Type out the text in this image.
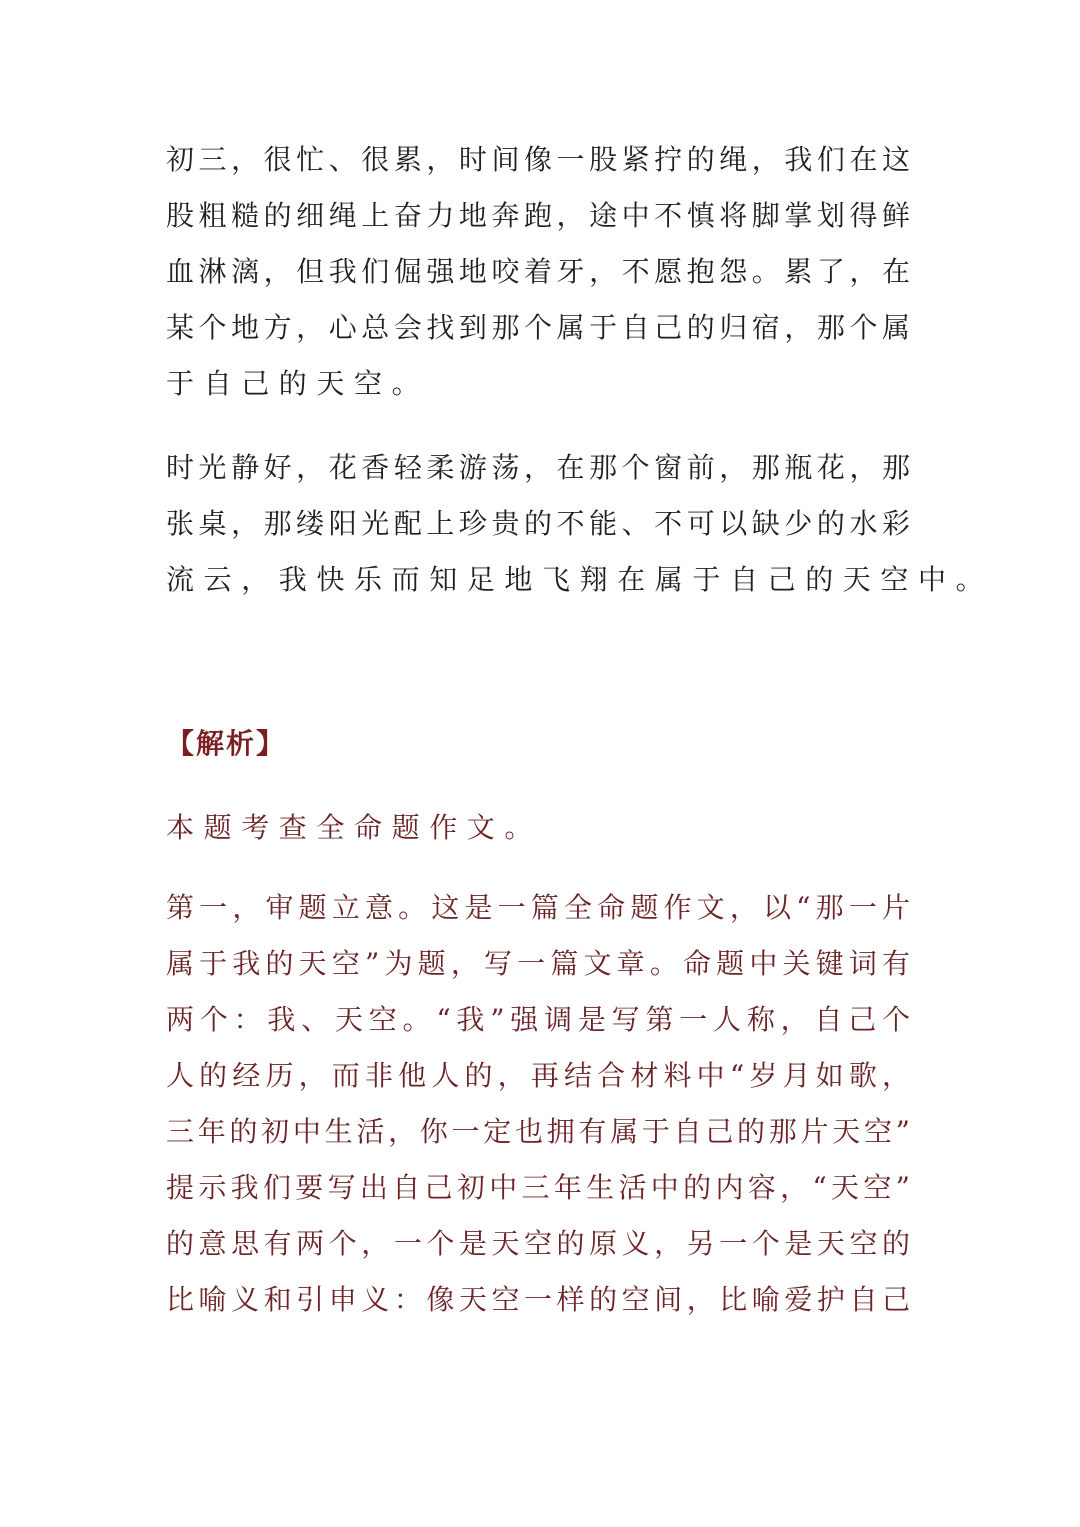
初三，很忙、很累，时间像一股紧拧的绳，我们在这
股粗糙的细绳上奋力地奔跑，途中不慎将脚掌划得鲜
血淋漓，但我们倔强地咬着牙，不愿抱怨。累了，在
某个地方，心总会找到那个属于自己的归宿，那个属
于自己的天空。
时光静好，花香轻柔游荡，在那个窗前，那瓶花，那
张桌，那缕阳光配上珍贵的不能、不可以缺少的水彩
流云，我快乐而知足地飞翔在属于自己的天空中。
【解析】
本题考查全命题作文。
第一，审题立意。这是一篇全命题作文，以“那一片
属于我的天空”为题，写一篇文章。命题中关键词有
两个：我、天空。“我”强调是写第一人称，自己个
人的经历，而非他人的，再结合材料中“岁月如歌，
三年的初中生活，你一定也拥有属于自己的那片天空”
提示我们要写出自己初中三年生活中的内容，“天空”
的意思有两个，一个是天空的原义，另一个是天空的
比喻义和引申义：像天空一样的空间，比喻爱护自己
